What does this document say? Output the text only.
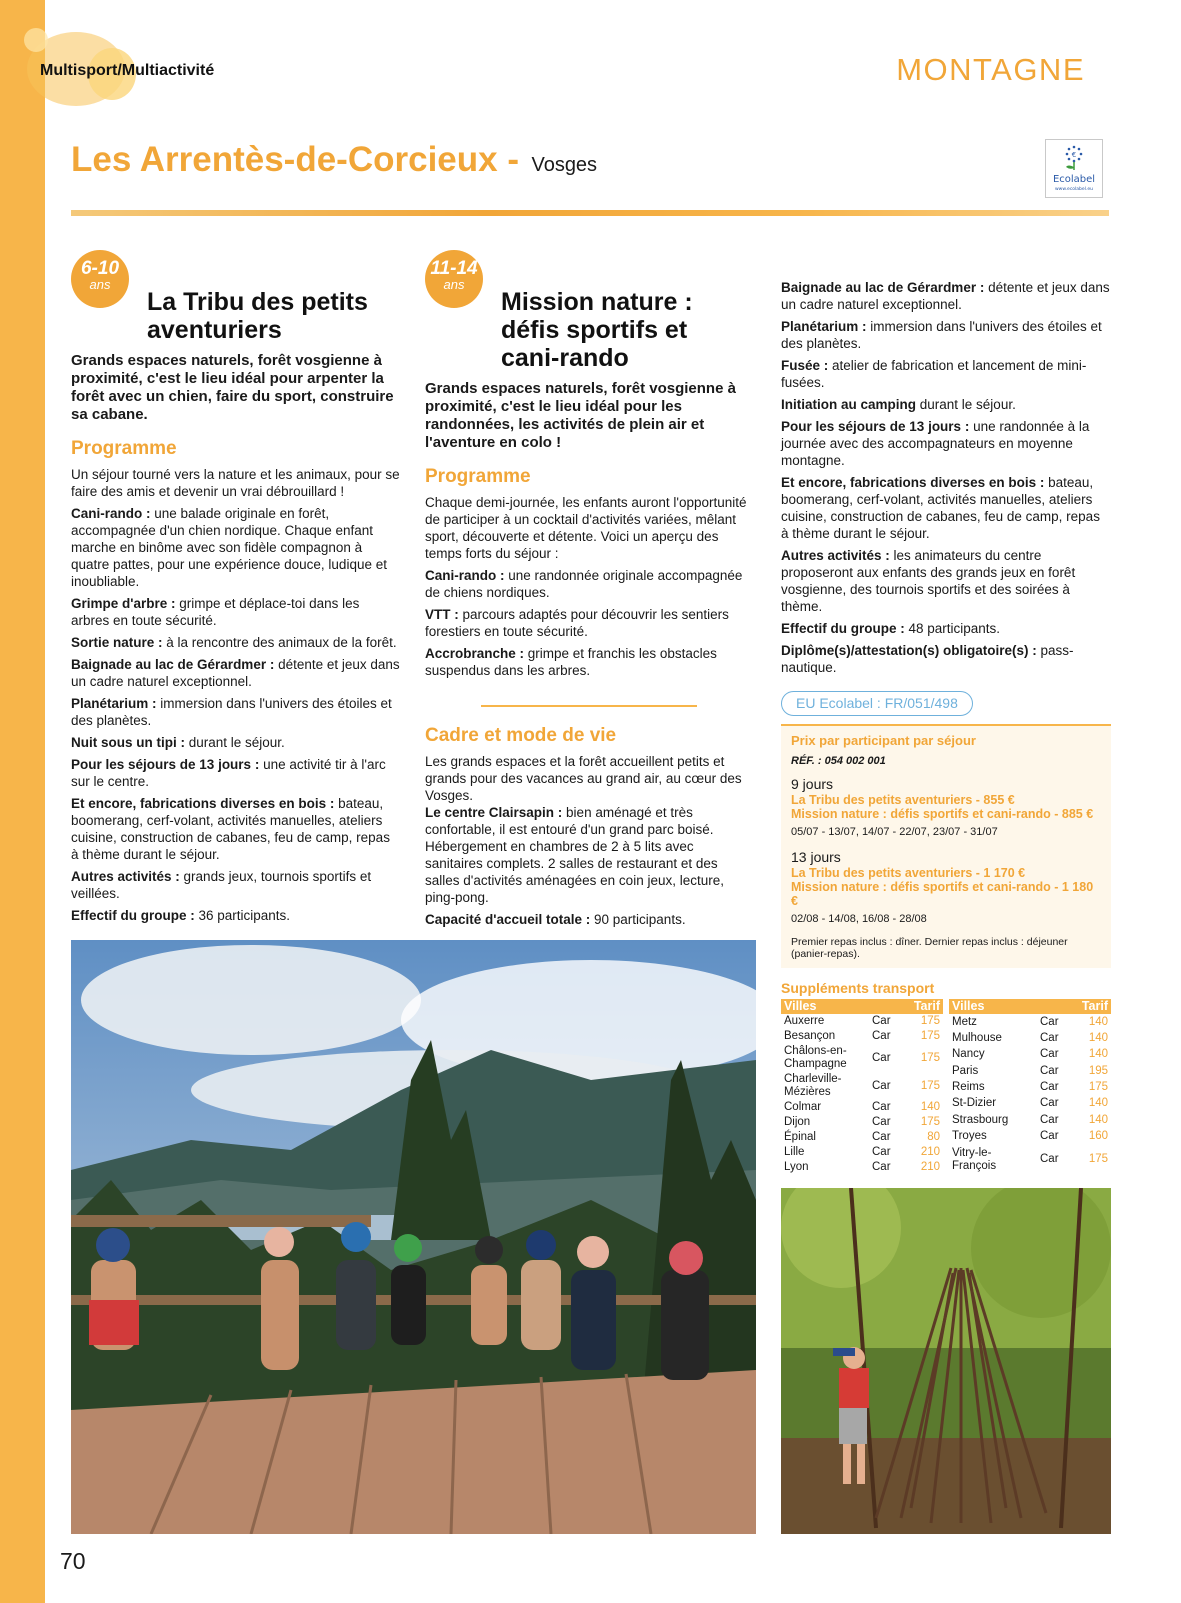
Multisport/Multiactivité	MONTAGNE
Les Arrentès-de-Corcieux - Vosges	€
Ecolabel
www.ecolabel.eu
6-10
ans
La Tribu des petits aventuriers

Grands espaces naturels, forêt vosgienne à proximité, c'est le lieu idéal pour arpenter la forêt avec un chien, faire du sport, construire sa cabane.

Programme

Un séjour tourné vers la nature et les animaux, pour se faire des amis et devenir un vrai débrouillard !

Cani-rando : une balade originale en forêt, accompagnée d'un chien nordique. Chaque enfant marche en binôme avec son fidèle compagnon à quatre pattes, pour une expérience douce, ludique et inoubliable.

Grimpe d'arbre : grimpe et déplace-toi dans les arbres en toute sécurité.

Sortie nature : à la rencontre des animaux de la forêt.

Baignade au lac de Gérardmer : détente et jeux dans un cadre naturel exceptionnel.

Planétarium : immersion dans l'univers des étoiles et des planètes.

Nuit sous un tipi : durant le séjour.

Pour les séjours de 13 jours : une activité tir à l'arc sur le centre.

Et encore, fabrications diverses en bois : bateau, boomerang, cerf-volant, activités manuelles, ateliers cuisine, construction de cabanes, feu de camp, repas à thème durant le séjour.

Autres activités : grands jeux, tournois sportifs et veillées.

Effectif du groupe : 36 participants.

11-14
ans
Mission nature : défis sportifs et cani-rando

Grands espaces naturels, forêt vosgienne à proximité, c'est le lieu idéal pour les randonnées, les activités de plein air et l'aventure en colo !

Programme

Chaque demi-journée, les enfants auront l'opportunité de participer à un cocktail d'activités variées, mêlant sport, découverte et détente. Voici un aperçu des temps forts du séjour :

Cani-rando : une randonnée originale accompagnée de chiens nordiques.

VTT : parcours adaptés pour découvrir les sentiers forestiers en toute sécurité.

Accrobranche : grimpe et franchis les obstacles suspendus dans les arbres.

Cadre et mode de vie

Les grands espaces et la forêt accueillent petits et grands pour des vacances au grand air, au cœur des Vosges.

Le centre Clairsapin : bien aménagé et très confortable, il est entouré d'un grand parc boisé. Hébergement en chambres de 2 à 5 lits avec sanitaires complets. 2 salles de restaurant et des salles d'activités aménagées en coin jeux, lecture, ping-pong.

Capacité d'accueil totale : 90 participants.

Baignade au lac de Gérardmer : détente et jeux dans un cadre naturel exceptionnel.

Planétarium : immersion dans l'univers des étoiles et des planètes.

Fusée : atelier de fabrication et lancement de mini-fusées.

Initiation au camping durant le séjour.

Pour les séjours de 13 jours : une randonnée à la journée avec des accompagnateurs en moyenne montagne.

Et encore, fabrications diverses en bois : bateau, boomerang, cerf-volant, activités manuelles, ateliers cuisine, construction de cabanes, feu de camp, repas à thème durant le séjour.

Autres activités : les animateurs du centre proposeront aux enfants des grands jeux en forêt vosgienne, des tournois sportifs et des soirées à thème.

Effectif du groupe : 48 participants.

Diplôme(s)/attestation(s) obligatoire(s) : pass-nautique.

EU Ecolabel : FR/051/498
Prix par participant par séjour
RÉF. : 054 002 001
9 jours
La Tribu des petits aventuriers - 855 €
Mission nature : défis sportifs et cani-rando - 885 €
05/07 - 13/07, 14/07 - 22/07, 23/07 - 31/07
13 jours
La Tribu des petits aventuriers - 1 170 €
Mission nature : défis sportifs et cani-rando - 1 180 €
02/08 - 14/08, 16/08 - 28/08
Premier repas inclus : dîner. Dernier repas inclus : déjeuner (panier-repas).
Suppléments transport
Villes		Tarif
Auxerre	Car	175
Besançon	Car	175
Châlons-en-Champagne	Car	175
Charleville-Mézières	Car	175
Colmar	Car	140
Dijon	Car	175
Épinal	Car	80
Lille	Car	210
Lyon	Car	210
Villes		Tarif
Metz	Car	140
Mulhouse	Car	140
Nancy	Car	140
Paris	Car	195
Reims	Car	175
St-Dizier	Car	140
Strasbourg	Car	140
Troyes	Car	160
Vitry-le-François	Car	175
70
